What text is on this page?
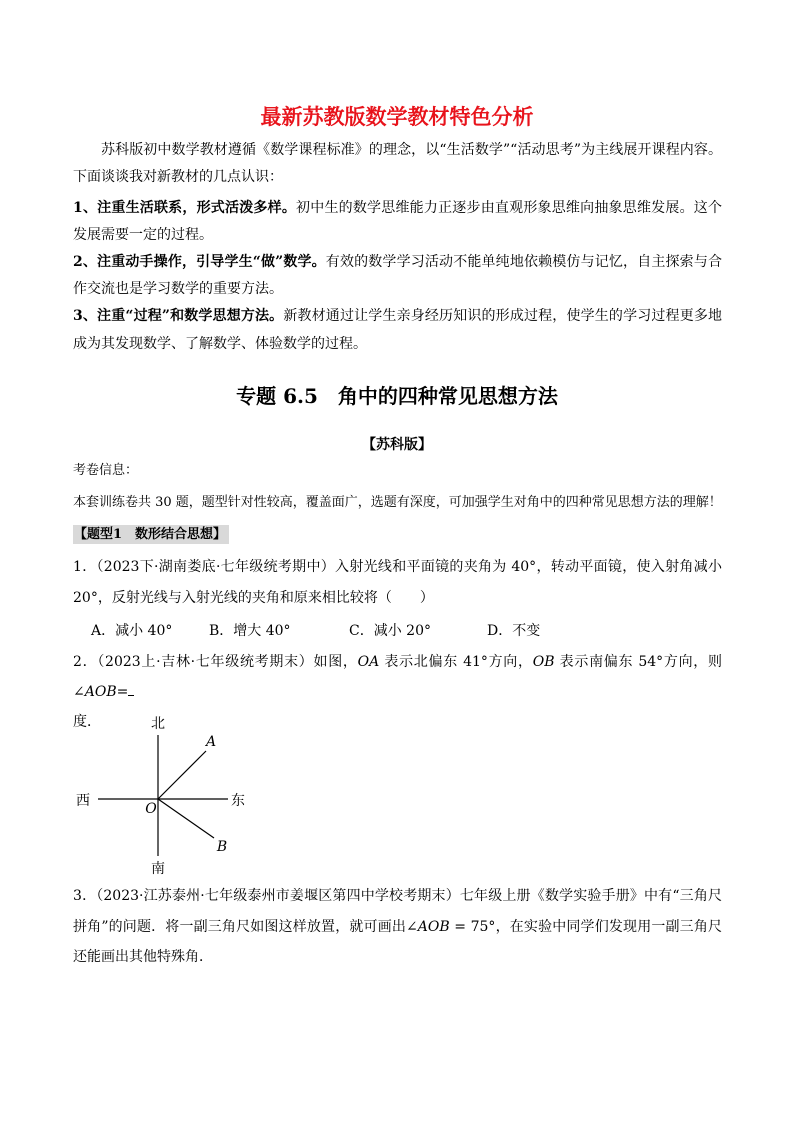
最新苏教版数学教材特色分析
苏科版初中数学教材遵循《数学课程标准》的理念，以“生活数学”“活动思考”为主线展开课程内容。下面谈谈我对新教材的几点认识：
1、注重生活联系，形式活泼多样。初中生的数学思维能力正逐步由直观形象思维向抽象思维发展。这个发展需要一定的过程。
2、注重动手操作，引导学生“做”数学。有效的数学学习活动不能单纯地依赖模仿与记忆，自主探索与合作交流也是学习数学的重要方法。
3、注重“过程”和数学思想方法。新教材通过让学生亲身经历知识的形成过程，使学生的学习过程更多地成为其发现数学、了解数学、体验数学的过程。
专题 6.5　角中的四种常见思想方法
【苏科版】
考卷信息：
本套训练卷共 30 题，题型针对性较高，覆盖面广，选题有深度，可加强学生对角中的四种常见思想方法的理解！
【题型1　数形结合思想】
1．（2023下·湖南娄底·七年级统考期中）入射光线和平面镜的夹角为 40°，转动平面镜，使入射角减小 20°，反射光线与入射光线的夹角和原来相比较将（　　）
A．减小 40°	B．增大 40°	C．减小 20°	D．不变
2．（2023上·吉林·七年级统考期末）如图，OA 表示北偏东 41°方向，OB 表示南偏东 54°方向，则∠AOB=
度．	北
西	东
南
O
A
B
3．（2023·江苏泰州·七年级泰州市姜堰区第四中学校考期末）七年级上册《数学实验手册》中有“三角尺拼角”的问题．将一副三角尺如图这样放置，就可画出∠AOB = 75°，在实验中同学们发现用一副三角尺还能画出其他特殊角．
